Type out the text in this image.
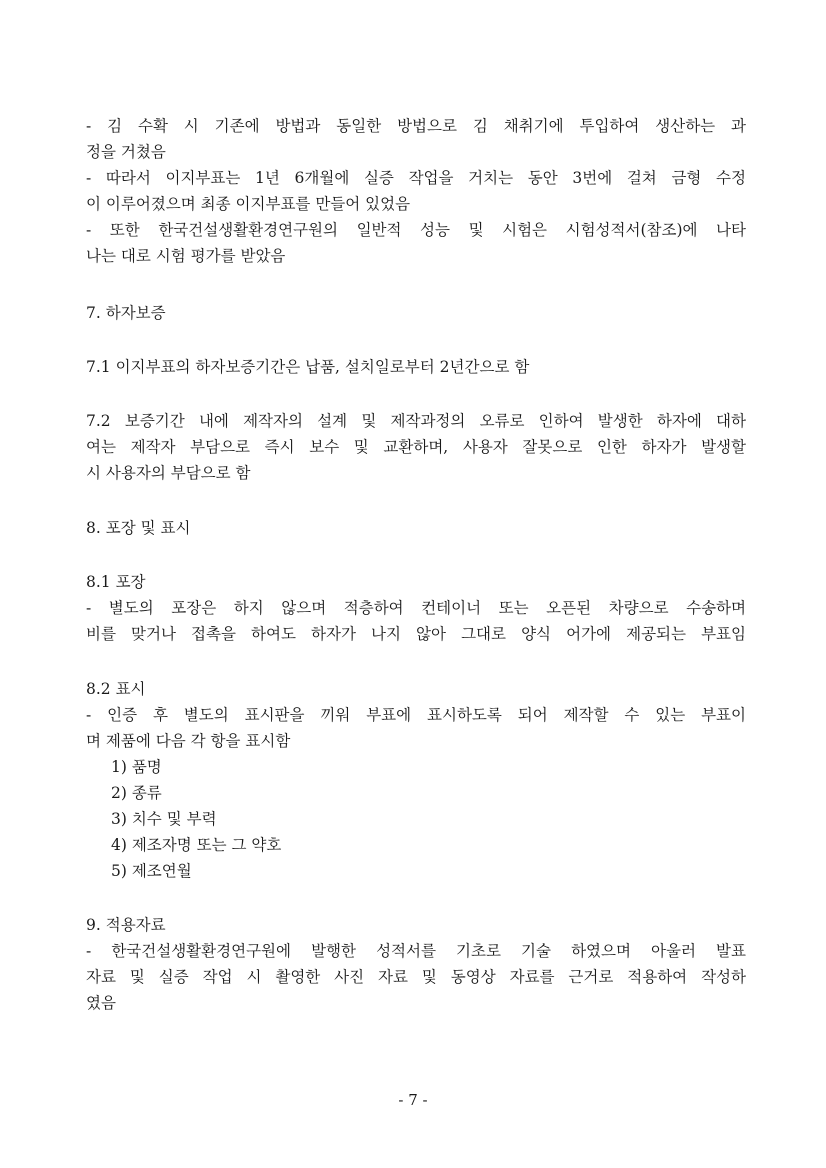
- 김 수확 시 기존에 방법과 동일한 방법으로 김 채취기에 투입하여 생산하는 과
정을 거쳤음
- 따라서 이지부표는 1년 6개월에 실증 작업을 거치는 동안 3번에 걸쳐 금형 수정
이 이루어졌으며 최종 이지부표를 만들어 있었음
- 또한 한국건설생활환경연구원의 일반적 성능 및 시험은 시험성적서(참조)에 나타
나는 대로 시험 평가를 받았음
7. 하자보증
7.1 이지부표의 하자보증기간은 납품, 설치일로부터 2년간으로 함
7.2 보증기간 내에 제작자의 설계 및 제작과정의 오류로 인하여 발생한 하자에 대하
여는 제작자 부담으로 즉시 보수 및 교환하며, 사용자 잘못으로 인한 하자가 발생할
시 사용자의 부담으로 함
8. 포장 및 표시
8.1 포장
- 별도의 포장은 하지 않으며 적층하여 컨테이너 또는 오픈된 차량으로 수송하며
비를 맞거나 접촉을 하여도 하자가 나지 않아 그대로 양식 어가에 제공되는 부표임
8.2 표시
- 인증 후 별도의 표시판을 끼워 부표에 표시하도록 되어 제작할 수 있는 부표이
며 제품에 다음 각 항을 표시함
1) 품명
2) 종류
3) 치수 및 부력
4) 제조자명 또는 그 약호
5) 제조연월
9. 적용자료
- 한국건설생활환경연구원에 발행한 성적서를 기초로 기술 하였으며 아울러 발표
자료 및 실증 작업 시 촬영한 사진 자료 및 동영상 자료를 근거로 적용하여 작성하
였음
- 7 -
